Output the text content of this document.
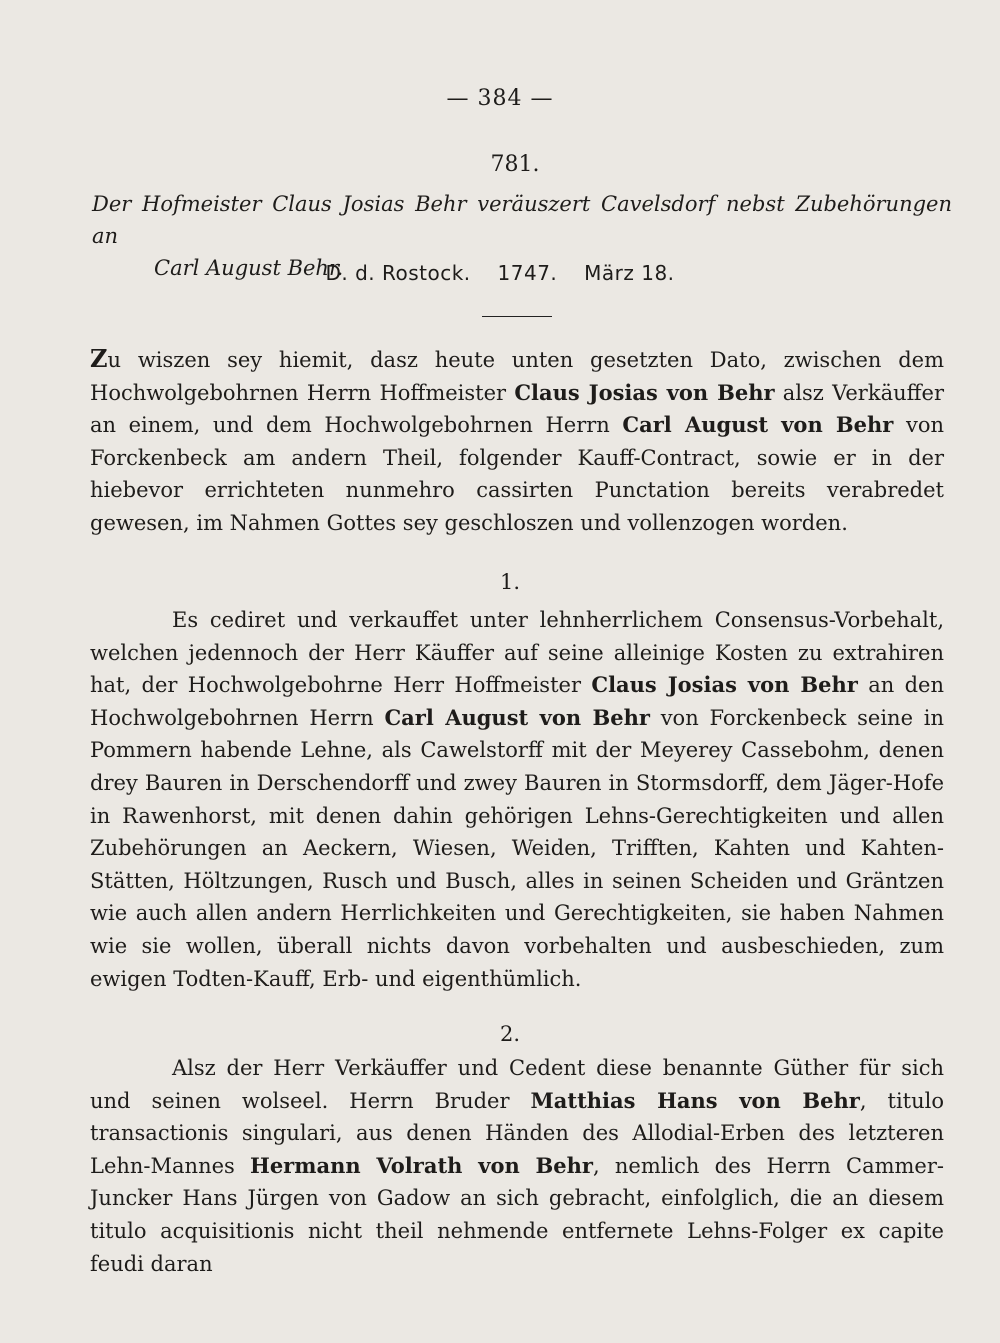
— 384 —
781.
Der Hofmeister Claus Josias Behr veräuszert Cavelsdorf nebst Zubehörungen an
Carl August Behr.
D. d. Rostock. 1747. März 18.
Zu wiszen sey hiemit, dasz heute unten gesetzten Dato, zwischen dem Hochwolgebohrnen Herrn Hoffmeister Claus Josias von Behr alsz Verkäuffer an einem, und dem Hochwolgebohrnen Herrn Carl August von Behr von Forckenbeck am andern Theil, folgender Kauff-Contract, sowie er in der hiebevor errichteten nunmehro cassirten Punctation bereits verabredet gewesen, im Nahmen Gottes sey geschloszen und vollenzogen worden.
1.
Es cediret und verkauffet unter lehnherrlichem Consensus-Vorbehalt, welchen jedennoch der Herr Käuffer auf seine alleinige Kosten zu extrahiren hat, der Hochwolgebohrne Herr Hoffmeister Claus Josias von Behr an den Hochwolgebohrnen Herrn Carl August von Behr von Forckenbeck seine in Pommern habende Lehne, als Cawelstorff mit der Meyerey Cassebohm, denen drey Bauren in Derschendorff und zwey Bauren in Stormsdorff, dem Jäger-Hofe in Rawenhorst, mit denen dahin gehörigen Lehns-Gerechtigkeiten und allen Zubehörungen an Aeckern, Wiesen, Weiden, Trifften, Kahten und Kahten-Stätten, Höltzungen, Rusch und Busch, alles in seinen Scheiden und Gräntzen wie auch allen andern Herrlichkeiten und Gerechtigkeiten, sie haben Nahmen wie sie wollen, überall nichts davon vorbehalten und ausbeschieden, zum ewigen Todten-Kauff, Erb- und eigenthümlich.
2.
Alsz der Herr Verkäuffer und Cedent diese benannte Güther für sich und seinen wolseel. Herrn Bruder Matthias Hans von Behr, titulo transactionis singulari, aus denen Händen des Allodial-Erben des letzteren Lehn-Mannes Hermann Volrath von Behr, nemlich des Herrn Cammer-Juncker Hans Jürgen von Gadow an sich gebracht, einfolglich, die an diesem titulo acquisitionis nicht theil nehmende entfernete Lehns-Folger ex capite feudi daran
